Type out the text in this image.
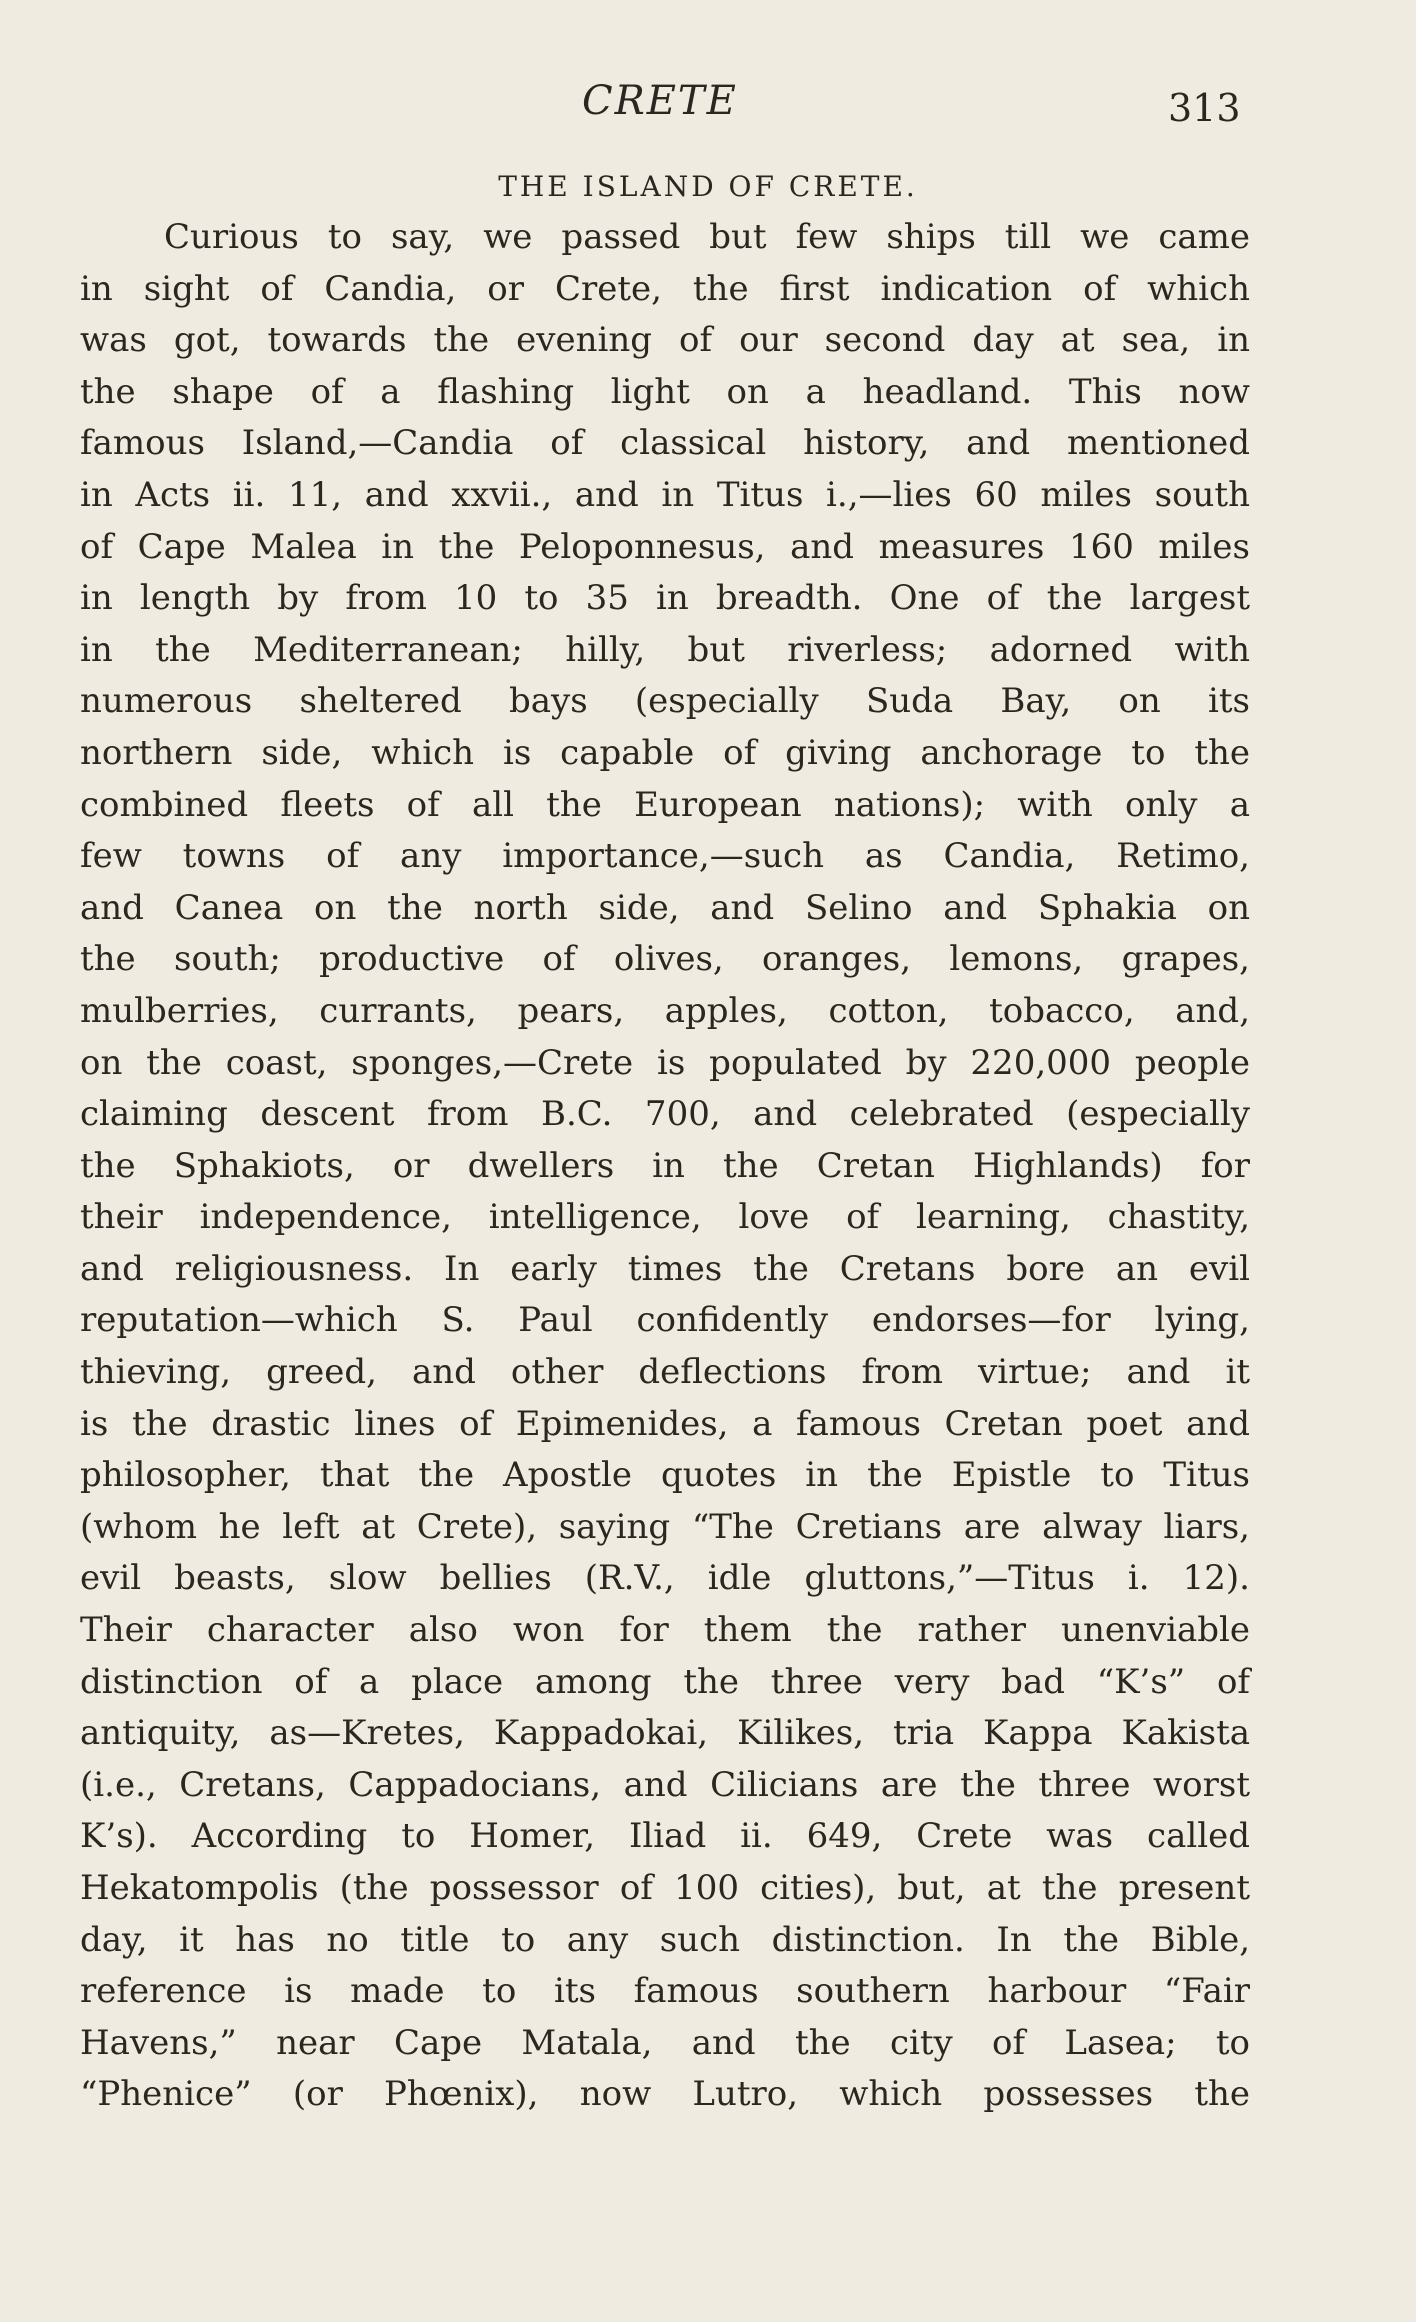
CRETE	313
THE ISLAND OF CRETE.
Curious to say, we passed but few ships till we came
in sight of Candia, or Crete, the first indication of which
was got, towards the evening of our second day at sea, in
the shape of a flashing light on a headland. This now
famous Island,—Candia of classical history, and mentioned
in Acts ii. 11, and xxvii., and in Titus i.,—lies 60 miles south
of Cape Malea in the Peloponnesus, and measures 160 miles
in length by from 10 to 35 in breadth. One of the largest
in the Mediterranean; hilly, but riverless; adorned with
numerous sheltered bays (especially Suda Bay, on its
northern side, which is capable of giving anchorage to the
combined fleets of all the European nations); with only a
few towns of any importance,—such as Candia, Retimo,
and Canea on the north side, and Selino and Sphakia on
the south; productive of olives, oranges, lemons, grapes,
mulberries, currants, pears, apples, cotton, tobacco, and,
on the coast, sponges,—Crete is populated by 220,000 people
claiming descent from B.C. 700, and celebrated (especially
the Sphakiots, or dwellers in the Cretan Highlands) for
their independence, intelligence, love of learning, chastity,
and religiousness. In early times the Cretans bore an evil
reputation—which S. Paul confidently endorses—for lying,
thieving, greed, and other deflections from virtue; and it
is the drastic lines of Epimenides, a famous Cretan poet and
philosopher, that the Apostle quotes in the Epistle to Titus
(whom he left at Crete), saying “The Cretians are alway liars,
evil beasts, slow bellies (R.V., idle gluttons,”—Titus i. 12).
Their character also won for them the rather unenviable
distinction of a place among the three very bad “K’s” of
antiquity, as—Kretes, Kappadokai, Kilikes, tria Kappa Kakista
(i.e., Cretans, Cappadocians, and Cilicians are the three worst
K’s). According to Homer, Iliad ii. 649, Crete was called
Hekatompolis (the possessor of 100 cities), but, at the present
day, it has no title to any such distinction. In the Bible,
reference is made to its famous southern harbour “Fair
Havens,” near Cape Matala, and the city of Lasea; to
“Phenice” (or Phœnix), now Lutro, which possesses the
